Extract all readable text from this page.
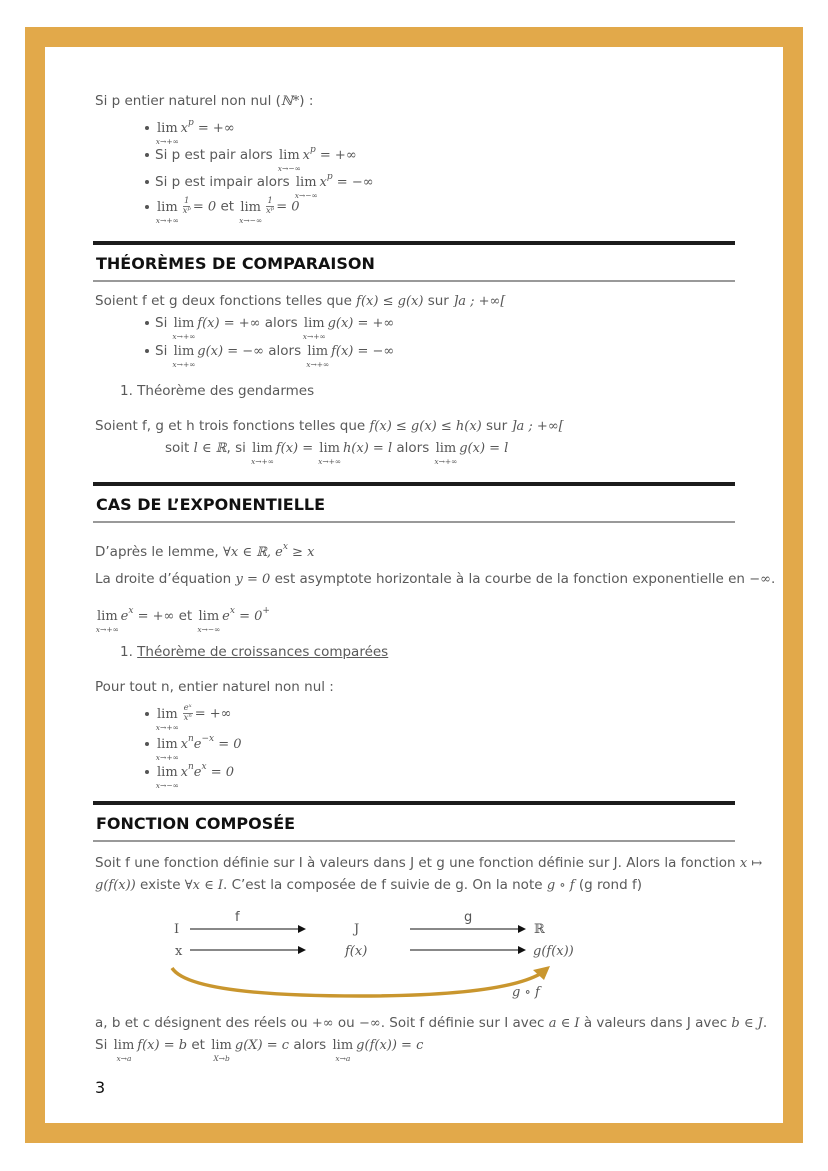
Si p entier naturel non nul (ℕ*) :
lim
x→+∞
$x^p$ = +∞
Si p est pair alors lim
x→−∞
$x^p$ = +∞
Si p est impair alors lim
x→−∞
$x^p$ = −∞
lim
x→+∞
$\frac{1}{\text{xᵖ}} = 0$ et lim
x→−∞
$\frac{1}{\text{xᵖ}} = 0$
THÉORÈMES DE COMPARAISON
Soient f et g deux fonctions telles que f(x) ≤ g(x) sur ]a ; +∞[
Si lim
x→+∞
f(x) = +∞ alors lim
x→+∞
g(x) = +∞
Si lim
x→+∞
g(x) = −∞ alors lim
x→+∞
f(x) = −∞
1. Théorème des gendarmes
Soient f, g et h trois fonctions telles que f(x) ≤ g(x) ≤ h(x) sur ]a ; +∞[
soit l ∈ ℝ, si lim
x→+∞
f(x) = lim
x→+∞
h(x) = l alors lim
x→+∞
g(x) = l
CAS DE L’EXPONENTIELLE
D’après le lemme, ∀x ∈ ℝ, $e^x \ge x$
La droite d’équation y = 0 est asymptote horizontale à la courbe de la fonction exponentielle en −∞.
lim
x→+∞
$e^x$ = +∞ et lim
x→−∞
$e^x = 0^+$
1. Théorème de croissances comparées
Pour tout n, entier naturel non nul :
lim
x→+∞
$\frac{\text{eˣ}}{\text{xⁿ}}$ = +∞
lim
x→+∞
$x^ne^{-x} = 0$
lim
x→−∞
$x^ne^x = 0$
FONCTION COMPOSÉE
Soit f une fonction définie sur I à valeurs dans J et g une fonction définie sur J. Alors la fonction x ↦
g(f(x)) existe ∀x ∈ I. C’est la composée de f suivie de g. On la note g ∘ f (g rond f)
a, b et c désignent des réels ou +∞ ou −∞. Soit f définie sur I avec a ∈ I à valeurs dans J avec b ∈ J.
Si lim
x→a
f(x) = b et lim
X→b
g(X) = c alors lim
x→a
g(f(x)) = c
I
f
J
g
ℝ
x	f(x)	g(f(x))
g ∘ f
3
